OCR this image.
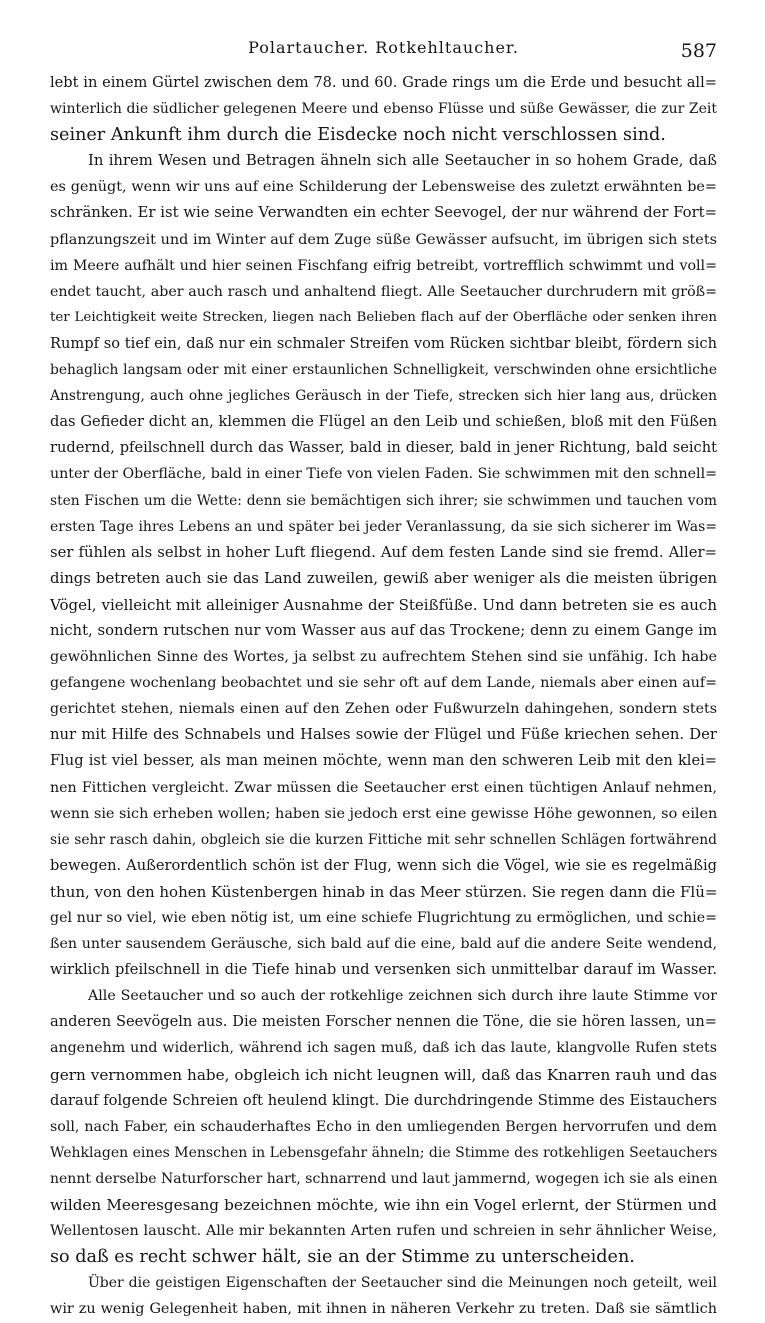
Polartaucher. Rotkehltaucher.	587
lebt in einem Gürtel zwischen dem 78. und 60. Grade rings um die Erde und besucht all=
winterlich die südlicher gelegenen Meere und ebenso Flüsse und süße Gewässer, die zur Zeit
seiner Ankunft ihm durch die Eisdecke noch nicht verschlossen sind.
In ihrem Wesen und Betragen ähneln sich alle Seetaucher in so hohem Grade, daß
es genügt, wenn wir uns auf eine Schilderung der Lebensweise des zuletzt erwähnten be=
schränken. Er ist wie seine Verwandten ein echter Seevogel, der nur während der Fort=
pflanzungszeit und im Winter auf dem Zuge süße Gewässer aufsucht, im übrigen sich stets
im Meere aufhält und hier seinen Fischfang eifrig betreibt, vortrefflich schwimmt und voll=
endet taucht, aber auch rasch und anhaltend fliegt. Alle Seetaucher durchrudern mit größ=
ter Leichtigkeit weite Strecken, liegen nach Belieben flach auf der Oberfläche oder senken ihren
Rumpf so tief ein, daß nur ein schmaler Streifen vom Rücken sichtbar bleibt, fördern sich
behaglich langsam oder mit einer erstaunlichen Schnelligkeit, verschwinden ohne ersichtliche
Anstrengung, auch ohne jegliches Geräusch in der Tiefe, strecken sich hier lang aus, drücken
das Gefieder dicht an, klemmen die Flügel an den Leib und schießen, bloß mit den Füßen
rudernd, pfeilschnell durch das Wasser, bald in dieser, bald in jener Richtung, bald seicht
unter der Oberfläche, bald in einer Tiefe von vielen Faden. Sie schwimmen mit den schnell=
sten Fischen um die Wette: denn sie bemächtigen sich ihrer; sie schwimmen und tauchen vom
ersten Tage ihres Lebens an und später bei jeder Veranlassung, da sie sich sicherer im Was=
ser fühlen als selbst in hoher Luft fliegend. Auf dem festen Lande sind sie fremd. Aller=
dings betreten auch sie das Land zuweilen, gewiß aber weniger als die meisten übrigen
Vögel, vielleicht mit alleiniger Ausnahme der Steißfüße. Und dann betreten sie es auch
nicht, sondern rutschen nur vom Wasser aus auf das Trockene; denn zu einem Gange im
gewöhnlichen Sinne des Wortes, ja selbst zu aufrechtem Stehen sind sie unfähig. Ich habe
gefangene wochenlang beobachtet und sie sehr oft auf dem Lande, niemals aber einen auf=
gerichtet stehen, niemals einen auf den Zehen oder Fußwurzeln dahingehen, sondern stets
nur mit Hilfe des Schnabels und Halses sowie der Flügel und Füße kriechen sehen. Der
Flug ist viel besser, als man meinen möchte, wenn man den schweren Leib mit den klei=
nen Fittichen vergleicht. Zwar müssen die Seetaucher erst einen tüchtigen Anlauf nehmen,
wenn sie sich erheben wollen; haben sie jedoch erst eine gewisse Höhe gewonnen, so eilen
sie sehr rasch dahin, obgleich sie die kurzen Fittiche mit sehr schnellen Schlägen fortwährend
bewegen. Außerordentlich schön ist der Flug, wenn sich die Vögel, wie sie es regelmäßig
thun, von den hohen Küstenbergen hinab in das Meer stürzen. Sie regen dann die Flü=
gel nur so viel, wie eben nötig ist, um eine schiefe Flugrichtung zu ermöglichen, und schie=
ßen unter sausendem Geräusche, sich bald auf die eine, bald auf die andere Seite wendend,
wirklich pfeilschnell in die Tiefe hinab und versenken sich unmittelbar darauf im Wasser.
Alle Seetaucher und so auch der rotkehlige zeichnen sich durch ihre laute Stimme vor
anderen Seevögeln aus. Die meisten Forscher nennen die Töne, die sie hören lassen, un=
angenehm und widerlich, während ich sagen muß, daß ich das laute, klangvolle Rufen stets
gern vernommen habe, obgleich ich nicht leugnen will, daß das Knarren rauh und das
darauf folgende Schreien oft heulend klingt. Die durchdringende Stimme des Eistauchers
soll, nach Faber, ein schauderhaftes Echo in den umliegenden Bergen hervorrufen und dem
Wehklagen eines Menschen in Lebensgefahr ähneln; die Stimme des rotkehligen Seetauchers
nennt derselbe Naturforscher hart, schnarrend und laut jammernd, wogegen ich sie als einen
wilden Meeresgesang bezeichnen möchte, wie ihn ein Vogel erlernt, der Stürmen und
Wellentosen lauscht. Alle mir bekannten Arten rufen und schreien in sehr ähnlicher Weise,
so daß es recht schwer hält, sie an der Stimme zu unterscheiden.
Über die geistigen Eigenschaften der Seetaucher sind die Meinungen noch geteilt, weil
wir zu wenig Gelegenheit haben, mit ihnen in näheren Verkehr zu treten. Daß sie sämtlich
